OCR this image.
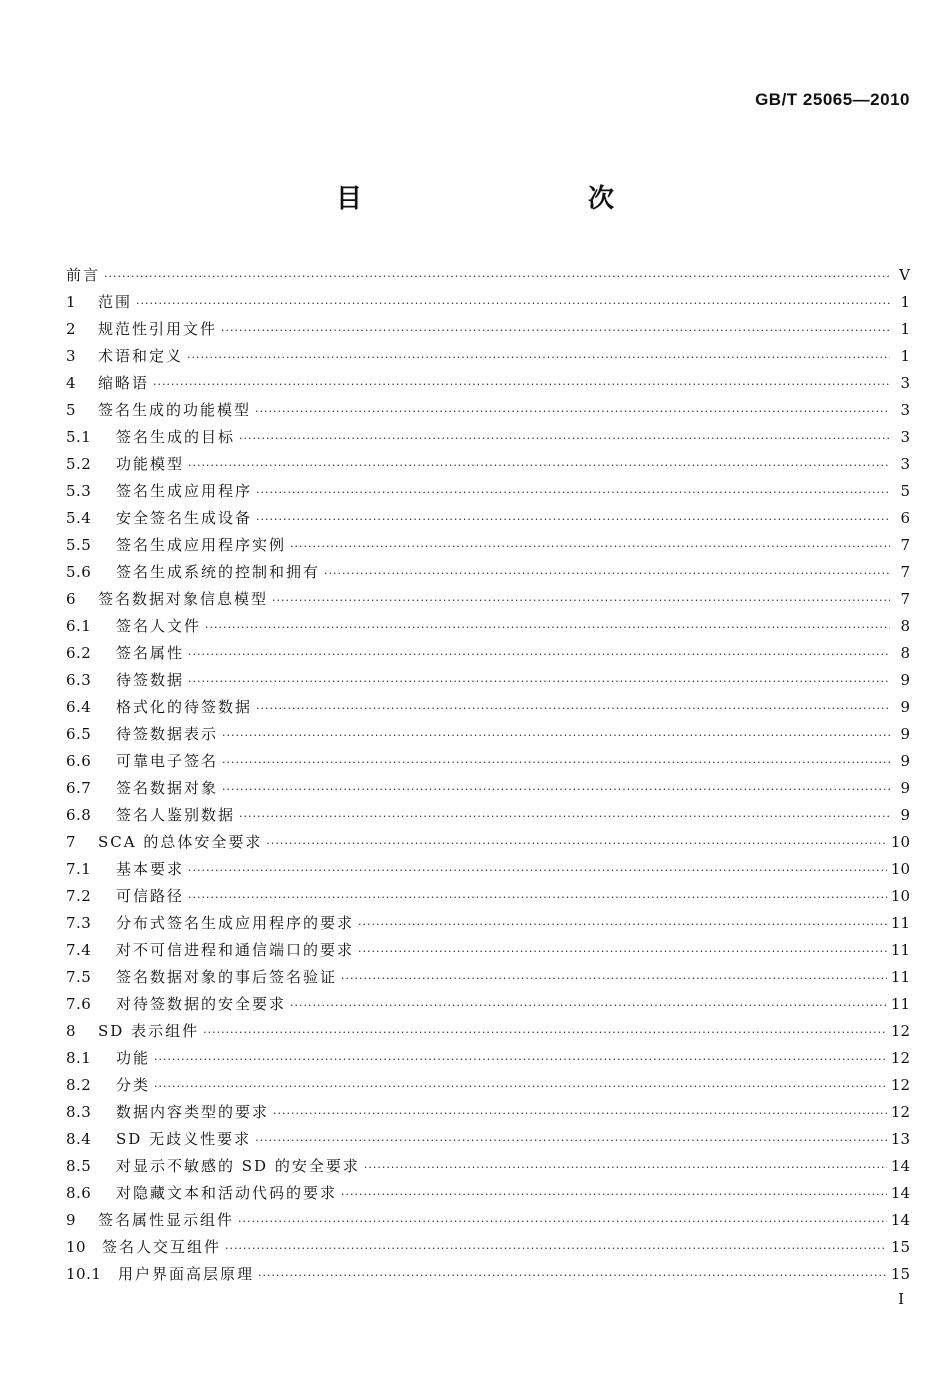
GB/T 25065—2010
目　　次
前言 ·····	V
1	范围 ·····	1
2	规范性引用文件 ·····	1
3	术语和定义 ·····	1
4	缩略语 ·····	3
5	签名生成的功能模型 ·····	3
5.1	签名生成的目标 ·····	3
5.2	功能模型 ·····	3
5.3	签名生成应用程序 ·····	5
5.4	安全签名生成设备 ·····	6
5.5	签名生成应用程序实例 ·····	7
5.6	签名生成系统的控制和拥有 ·····	7
6	签名数据对象信息模型 ·····	7
6.1	签名人文件 ·····	8
6.2	签名属性 ·····	8
6.3	待签数据 ·····	9
6.4	格式化的待签数据 ·····	9
6.5	待签数据表示 ·····	9
6.6	可靠电子签名 ·····	9
6.7	签名数据对象 ·····	9
6.8	签名人鉴别数据 ·····	9
7	SCA 的总体安全要求 ·····	10
7.1	基本要求 ·····	10
7.2	可信路径 ·····	10
7.3	分布式签名生成应用程序的要求 ·····	11
7.4	对不可信进程和通信端口的要求 ·····	11
7.5	签名数据对象的事后签名验证 ·····	11
7.6	对待签数据的安全要求 ·····	11
8	SD 表示组件 ·····	12
8.1	功能 ·····	12
8.2	分类 ·····	12
8.3	数据内容类型的要求 ·····	12
8.4	SD 无歧义性要求 ·····	13
8.5	对显示不敏感的 SD 的安全要求 ·····	14
8.6	对隐藏文本和活动代码的要求 ·····	14
9	签名属性显示组件 ·····	14
10	签名人交互组件 ·····	15
10.1	用户界面高层原理 ·····	15
I
